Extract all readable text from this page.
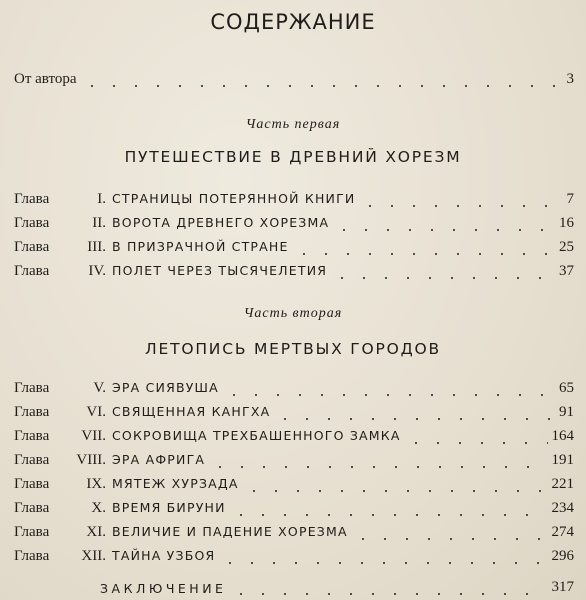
СОДЕРЖАНИЕ
От автора	3
Часть первая
ПУТЕШЕСТВИЕ В ДРЕВНИЙ ХОРЕЗМ
Глава	I. СТРАНИЦЫ ПОТЕРЯННОЙ КНИГИ	7
Глава	II. ВОРОТА ДРЕВНЕГО ХОРЕЗМА	16
Глава	III. В ПРИЗРАЧНОЙ СТРАНЕ	25
Глава	IV. ПОЛЕТ ЧЕРЕЗ ТЫСЯЧЕЛЕТИЯ	37
Часть вторая
ЛЕТОПИСЬ МЕРТВЫХ ГОРОДОВ
Глава	V. ЭРА СИЯВУША	65
Глава	VI. СВЯЩЕННАЯ КАНГХА	91
Глава	VII. СОКРОВИЩА ТРЕХБАШЕННОГО ЗАМКА	164
Глава	VIII. ЭРА АФРИГА	191
Глава	IX. МЯТЕЖ ХУРЗАДА	221
Глава	X. ВРЕМЯ БИРУНИ	234
Глава	XI. ВЕЛИЧИЕ И ПАДЕНИЕ ХОРЕЗМА	274
Глава	XII. ТАЙНА УЗБОЯ	296
ЗАКЛЮЧЕНИЕ	317
